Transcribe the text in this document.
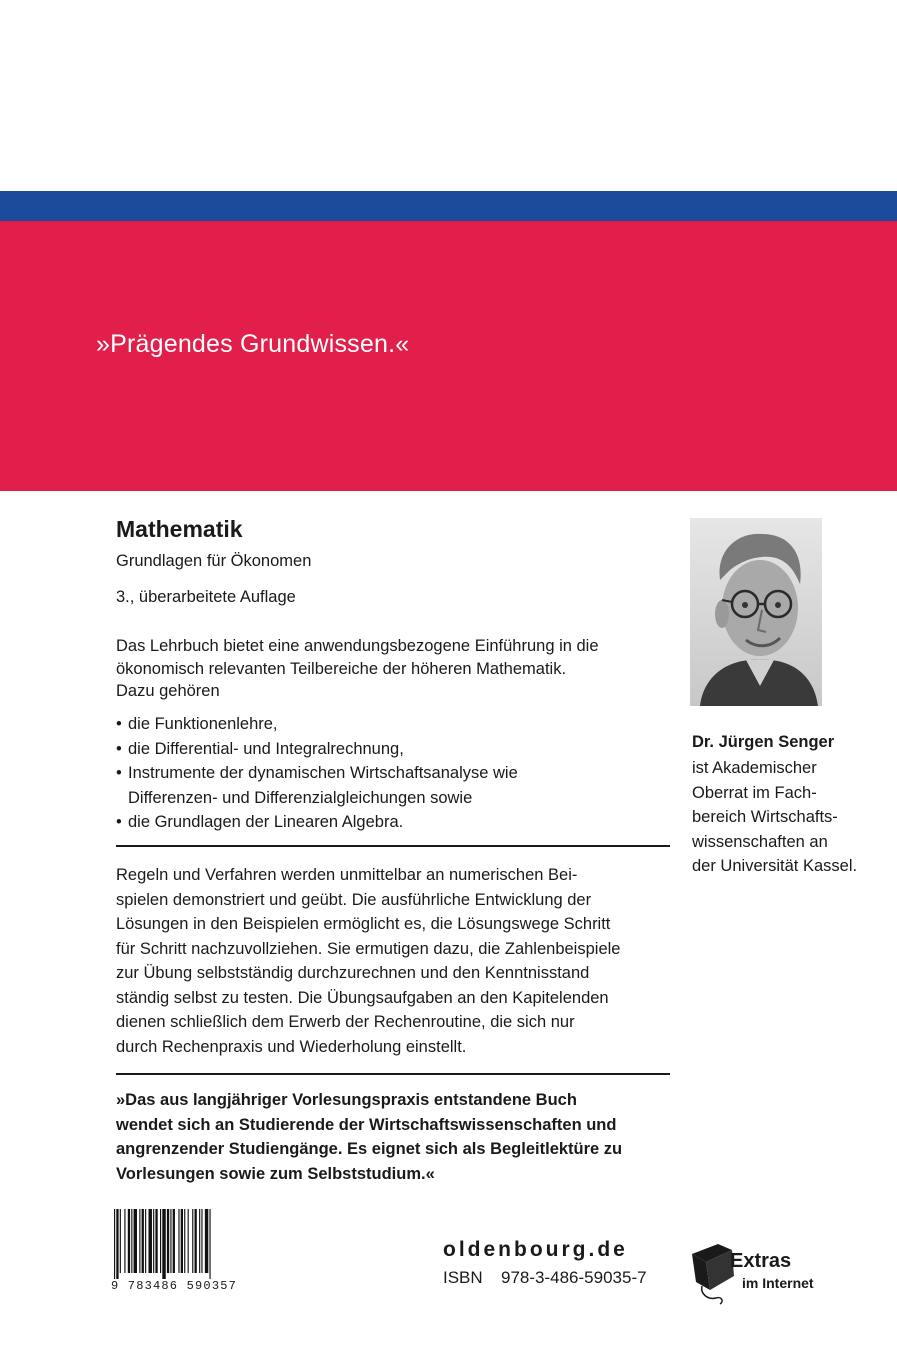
»Prägendes Grundwissen.«
Mathematik
Grundlagen für Ökonomen
3., überarbeitete Auflage

Das Lehrbuch bietet eine anwendungsbezogene Einführung in die
ökonomisch relevanten Teilbereiche der höheren Mathematik.
Dazu gehören

• die Funktionenlehre,
• die Differential- und Integralrechnung,
• Instrumente der dynamischen Wirtschaftsanalyse wie
Differenzen- und Differenzialgleichungen sowie
• die Grundlagen der Linearen Algebra.

Regeln und Verfahren werden unmittelbar an numerischen Bei-
spielen demonstriert und geübt. Die ausführliche Entwicklung der
Lösungen in den Beispielen ermöglicht es, die Lösungswege Schritt
für Schritt nachzuvollziehen. Sie ermutigen dazu, die Zahlenbeispiele
zur Übung selbstständig durchzurechnen und den Kenntnisstand
ständig selbst zu testen. Die Übungsaufgaben an den Kapitelenden
dienen schließlich dem Erwerb der Rechenroutine, die sich nur
durch Rechenpraxis und Wiederholung einstellt.

»Das aus langjähriger Vorlesungspraxis entstandene Buch
wendet sich an Studierende der Wirtschaftswissenschaften und
angrenzender Studiengänge. Es eignet sich als Begleitlektüre zu
Vorlesungen sowie zum Selbststudium.«

Dr. Jürgen Senger

ist Akademischer
Oberrat im Fach-
bereich Wirtschafts-
wissenschaften an
der Universität Kassel.

9 783486 590357
oldenbourg.de
ISBN 978-3-486-59035-7
Extras
im Internet
